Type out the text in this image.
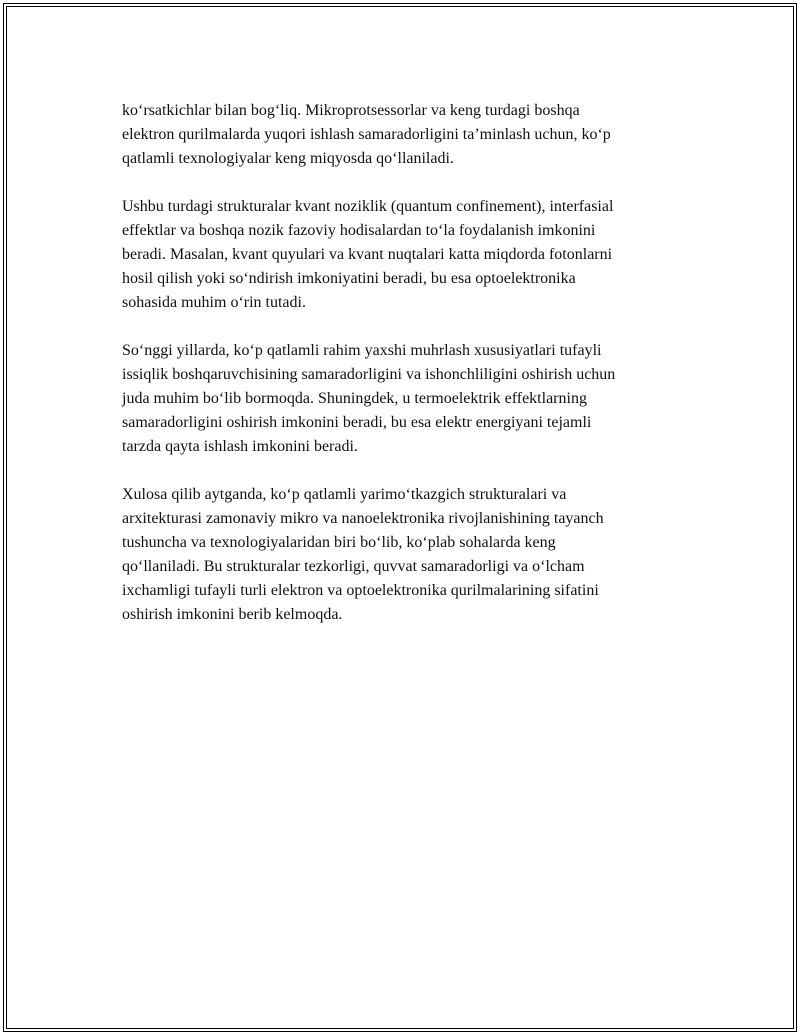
koʻrsatkichlar bilan bogʻliq. Mikroprotsessorlar va keng turdagi boshqa
elektron qurilmalarda yuqori ishlash samaradorligini taʼminlash uchun, koʻp
qatlamli texnologiyalar keng miqyosda qoʻllaniladi.

Ushbu turdagi strukturalar kvant noziklik (quantum confinement), interfasial
effektlar va boshqa nozik fazoviy hodisalardan toʻla foydalanish imkonini
beradi. Masalan, kvant quyulari va kvant nuqtalari katta miqdorda fotonlarni
hosil qilish yoki soʻndirish imkoniyatini beradi, bu esa optoelektronika
sohasida muhim oʻrin tutadi.

Soʻnggi yillarda, koʻp qatlamli rahim yaxshi muhrlash xususiyatlari tufayli
issiqlik boshqaruvchisining samaradorligini va ishonchliligini oshirish uchun
juda muhim boʻlib bormoqda. Shuningdek, u termoelektrik effektlarning
samaradorligini oshirish imkonini beradi, bu esa elektr energiyani tejamli
tarzda qayta ishlash imkonini beradi.

Xulosa qilib aytganda, koʻp qatlamli yarimoʻtkazgich strukturalari va
arxitekturasi zamonaviy mikro va nanoelektronika rivojlanishining tayanch
tushuncha va texnologiyalaridan biri boʻlib, koʻplab sohalarda keng
qoʻllaniladi. Bu strukturalar tezkorligi, quvvat samaradorligi va oʻlcham
ixchamligi tufayli turli elektron va optoelektronika qurilmalarining sifatini
oshirish imkonini berib kelmoqda.
